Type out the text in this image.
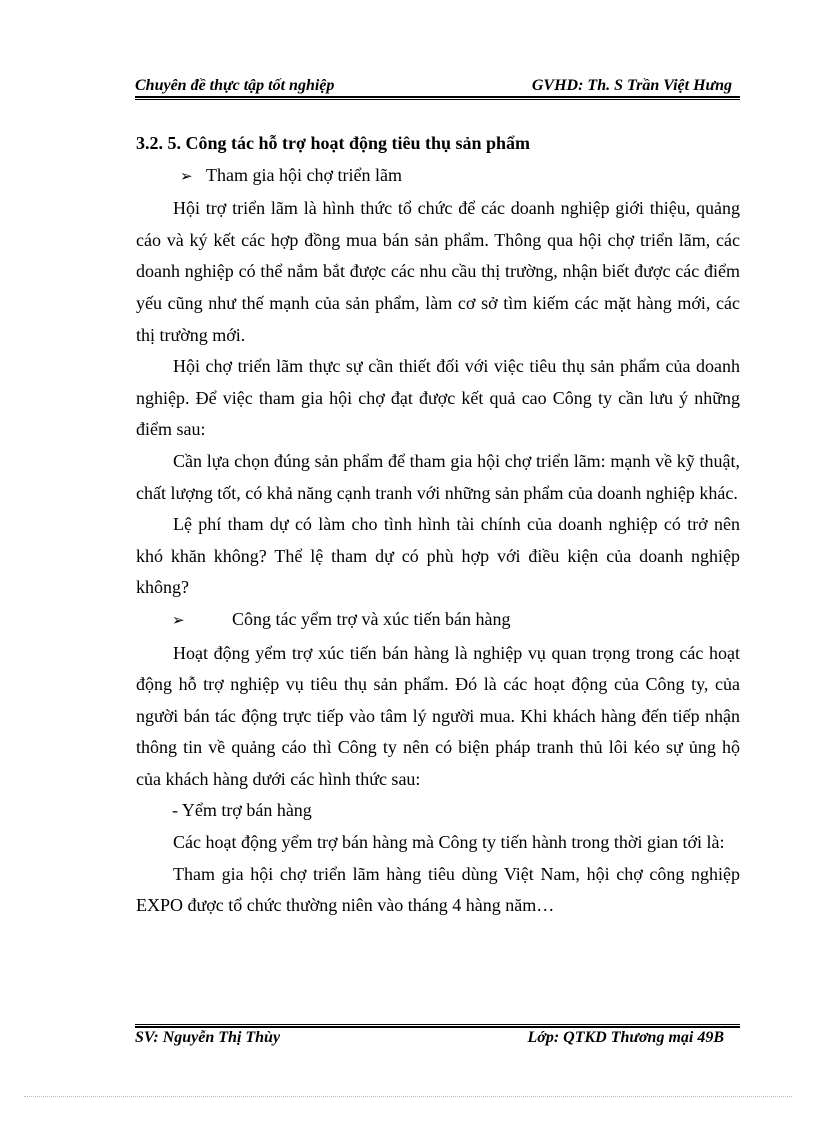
Chuyên đề thực tập tốt nghiệp	GVHD: Th. S Trần Việt Hưng

3.2. 5. Công tác hỗ trợ hoạt động tiêu thụ sản phẩm

➢ Tham gia hội chợ triển lãm

Hội trợ triển lãm là hình thức tổ chức để các doanh nghiệp giới thiệu, quảng cáo và ký kết các hợp đồng mua bán sản phẩm. Thông qua hội chợ triển lãm, các doanh nghiệp có thể nắm bắt được các nhu cầu thị trường, nhận biết được các điểm yếu cũng như thế mạnh của sản phẩm, làm cơ sở tìm kiếm các mặt hàng mới, các thị trường mới.

Hội chợ triển lãm thực sự cần thiết đối với việc tiêu thụ sản phẩm của doanh nghiệp. Để việc tham gia hội chợ đạt được kết quả cao Công ty cần lưu ý những điểm sau:

Cần lựa chọn đúng sản phẩm để tham gia hội chợ triển lãm: mạnh về kỹ thuật, chất lượng tốt, có khả năng cạnh tranh với những sản phẩm của doanh nghiệp khác.

Lệ phí tham dự có làm cho tình hình tài chính của doanh nghiệp có trở nên khó khăn không? Thể lệ tham dự có phù hợp với điều kiện của doanh nghiệp không?

➢	Công tác yểm trợ và xúc tiến bán hàng

Hoạt động yểm trợ xúc tiến bán hàng là nghiệp vụ quan trọng trong các hoạt động hỗ trợ nghiệp vụ tiêu thụ sản phẩm. Đó là các hoạt động của Công ty, của người bán tác động trực tiếp vào tâm lý người mua. Khi khách hàng đến tiếp nhận thông tin về quảng cáo thì Công ty nên có biện pháp tranh thủ lôi kéo sự ủng hộ của khách hàng dưới các hình thức sau:

- Yểm trợ bán hàng

Các hoạt động yểm trợ bán hàng mà Công ty tiến hành trong thời gian tới là:

Tham gia hội chợ triển lãm hàng tiêu dùng Việt Nam, hội chợ công nghiệp EXPO được tổ chức thường niên vào tháng 4 hàng năm…

SV: Nguyễn Thị Thùy	Lớp: QTKD Thương mại 49B
